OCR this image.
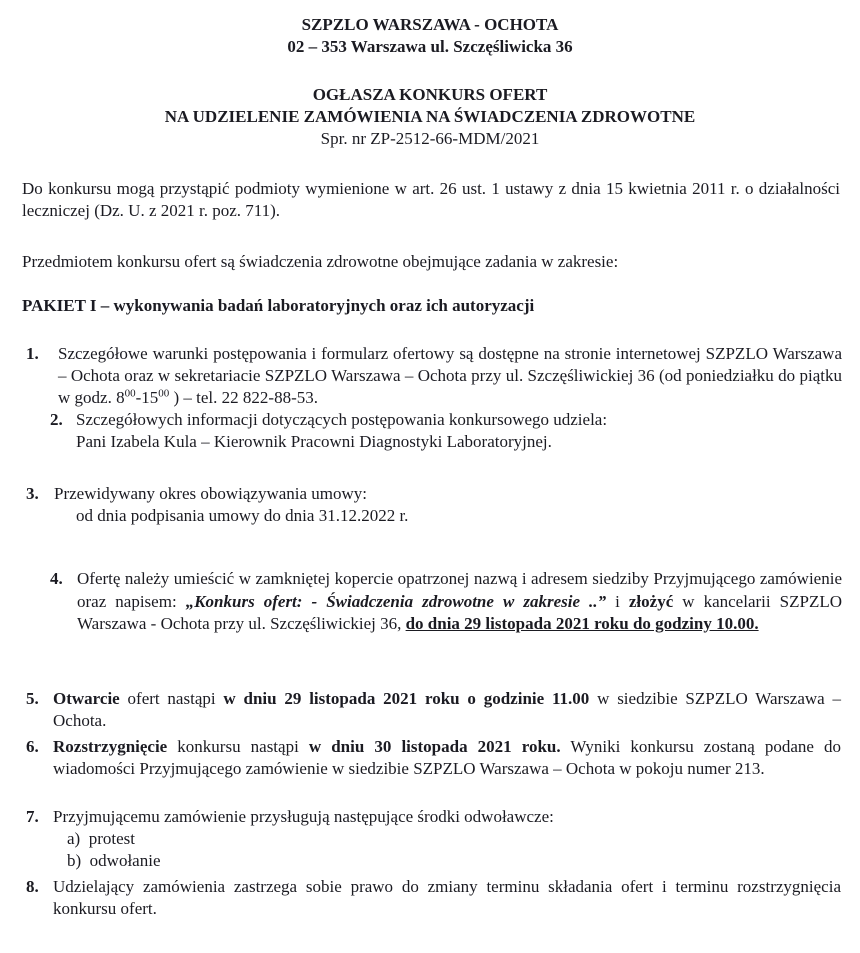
SZPZLO WARSZAWA - OCHOTA
02 – 353 Warszawa ul. Szczęśliwicka 36
OGŁASZA KONKURS OFERT
NA UDZIELENIE ZAMÓWIENIA NA ŚWIADCZENIA ZDROWOTNE
Spr. nr ZP-2512-66-MDM/2021
Do konkursu mogą przystąpić podmioty wymienione w art. 26 ust. 1 ustawy z dnia 15 kwietnia 2011 r. o działalności leczniczej (Dz. U. z 2021 r. poz. 711).
Przedmiotem konkursu ofert są świadczenia zdrowotne obejmujące zadania w zakresie:
PAKIET I – wykonywania badań laboratoryjnych oraz ich autoryzacji
1. Szczegółowe warunki postępowania i formularz ofertowy są dostępne na stronie internetowej SZPZLO Warszawa – Ochota oraz w sekretariacie SZPZLO Warszawa – Ochota przy ul. Szczęśliwickiej 36 (od poniedziałku do piątku w godz. $8^{00}-15^{00}$ ) – tel. 22 822-88-53.
2. Szczegółowych informacji dotyczących postępowania konkursowego udziela:
Pani Izabela Kula – Kierownik Pracowni Diagnostyki Laboratoryjnej.
3. Przewidywany okres obowiązywania umowy:
od dnia podpisania umowy do dnia 31.12.2022 r.
4. Ofertę należy umieścić w zamkniętej kopercie opatrzonej nazwą i adresem siedziby Przyjmującego zamówienie oraz napisem: „Konkurs ofert: - Świadczenia zdrowotne w zakresie ..” i złożyć w kancelarii SZPZLO Warszawa - Ochota przy ul. Szczęśliwickiej 36, do dnia 29 listopada 2021 roku do godziny 10.00.
5. Otwarcie ofert nastąpi w dniu 29 listopada 2021 roku o godzinie 11.00 w siedzibie SZPZLO Warszawa – Ochota.
6. Rozstrzygnięcie konkursu nastąpi w dniu 30 listopada 2021 roku. Wyniki konkursu zostaną podane do wiadomości Przyjmującego zamówienie w siedzibie SZPZLO Warszawa – Ochota w pokoju numer 213.
7. Przyjmującemu zamówienie przysługują następujące środki odwoławcze:
a) protest
b) odwołanie
8. Udzielający zamówienia zastrzega sobie prawo do zmiany terminu składania ofert i terminu rozstrzygnięcia konkursu ofert.
